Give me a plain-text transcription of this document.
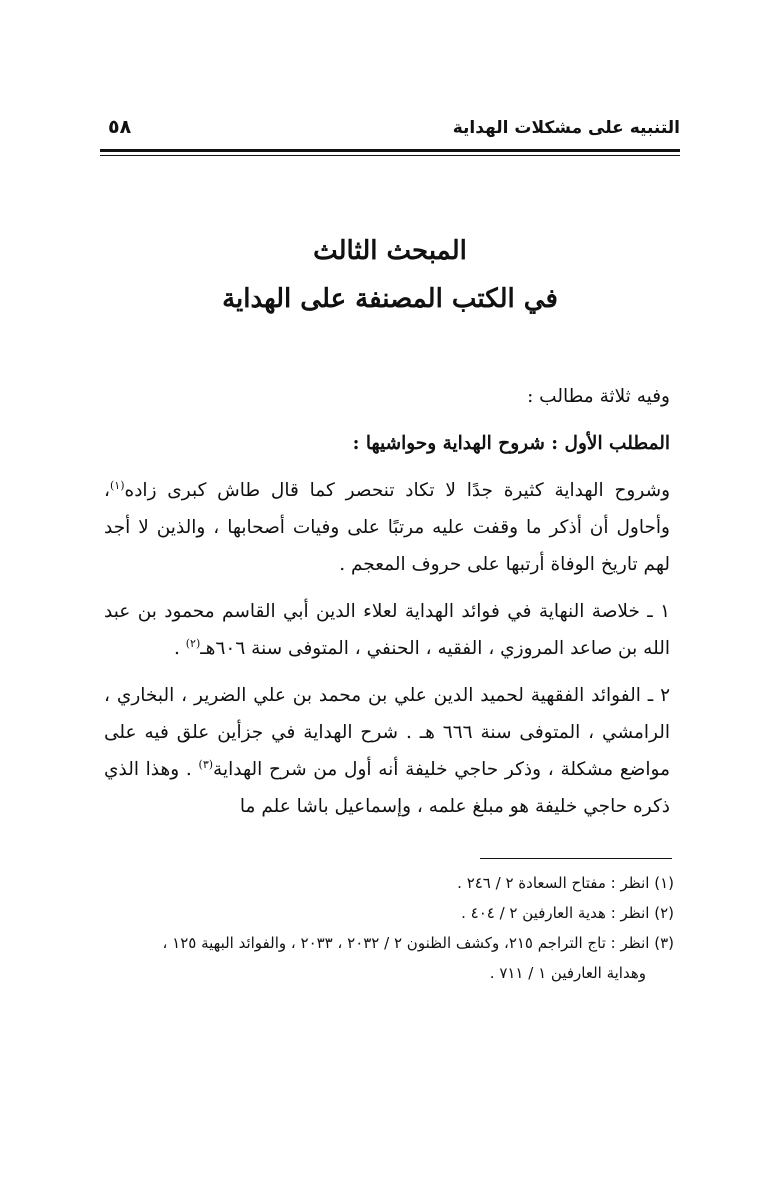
التنبيه على مشكلات الهداية
٥٨
المبحث الثالث
في الكتب المصنفة على الهداية

وفيه ثلاثة مطالب :

المطلب الأول : شروح الهداية وحواشيها :

وشروح الهداية كثيرة جدًا لا تكاد تنحصر كما قال طاش كبرى زاده$^{(١)}$، وأحاول أن أذكر ما وقفت عليه مرتبًا على وفيات أصحابها ، والذين لا أجد لهم تاريخ الوفاة أرتبها على حروف المعجم .

١ ـ خلاصة النهاية في فوائد الهداية لعلاء الدين أبي القاسم محمود بن عبد الله بن صاعد المروزي ، الفقيه ، الحنفي ، المتوفى سنة ٦٠٦هـ$^{(٢)}$ .

٢ ـ الفوائد الفقهية لحميد الدين علي بن محمد بن علي الضرير ، البخاري ، الرامشي ، المتوفى سنة ٦٦٦ هـ . شرح الهداية في جزأين علق فيه على مواضع مشكلة ، وذكر حاجي خليفة أنه أول من شرح الهداية$^{(٣)}$ . وهذا الذي ذكره حاجي خليفة هو مبلغ علمه ، وإسماعيل باشا علم ما

(١) انظر : مفتاح السعادة ٢ / ٢٤٦ .

(٢) انظر : هدية العارفين ٢ / ٤٠٤ .

(٣) انظر : تاج التراجم ٢١٥، وكشف الظنون ٢ / ٢٠٣٢ ، ٢٠٣٣ ، والفوائد البهية ١٢٥ ،

وهداية العارفين ١ / ٧١١ .
